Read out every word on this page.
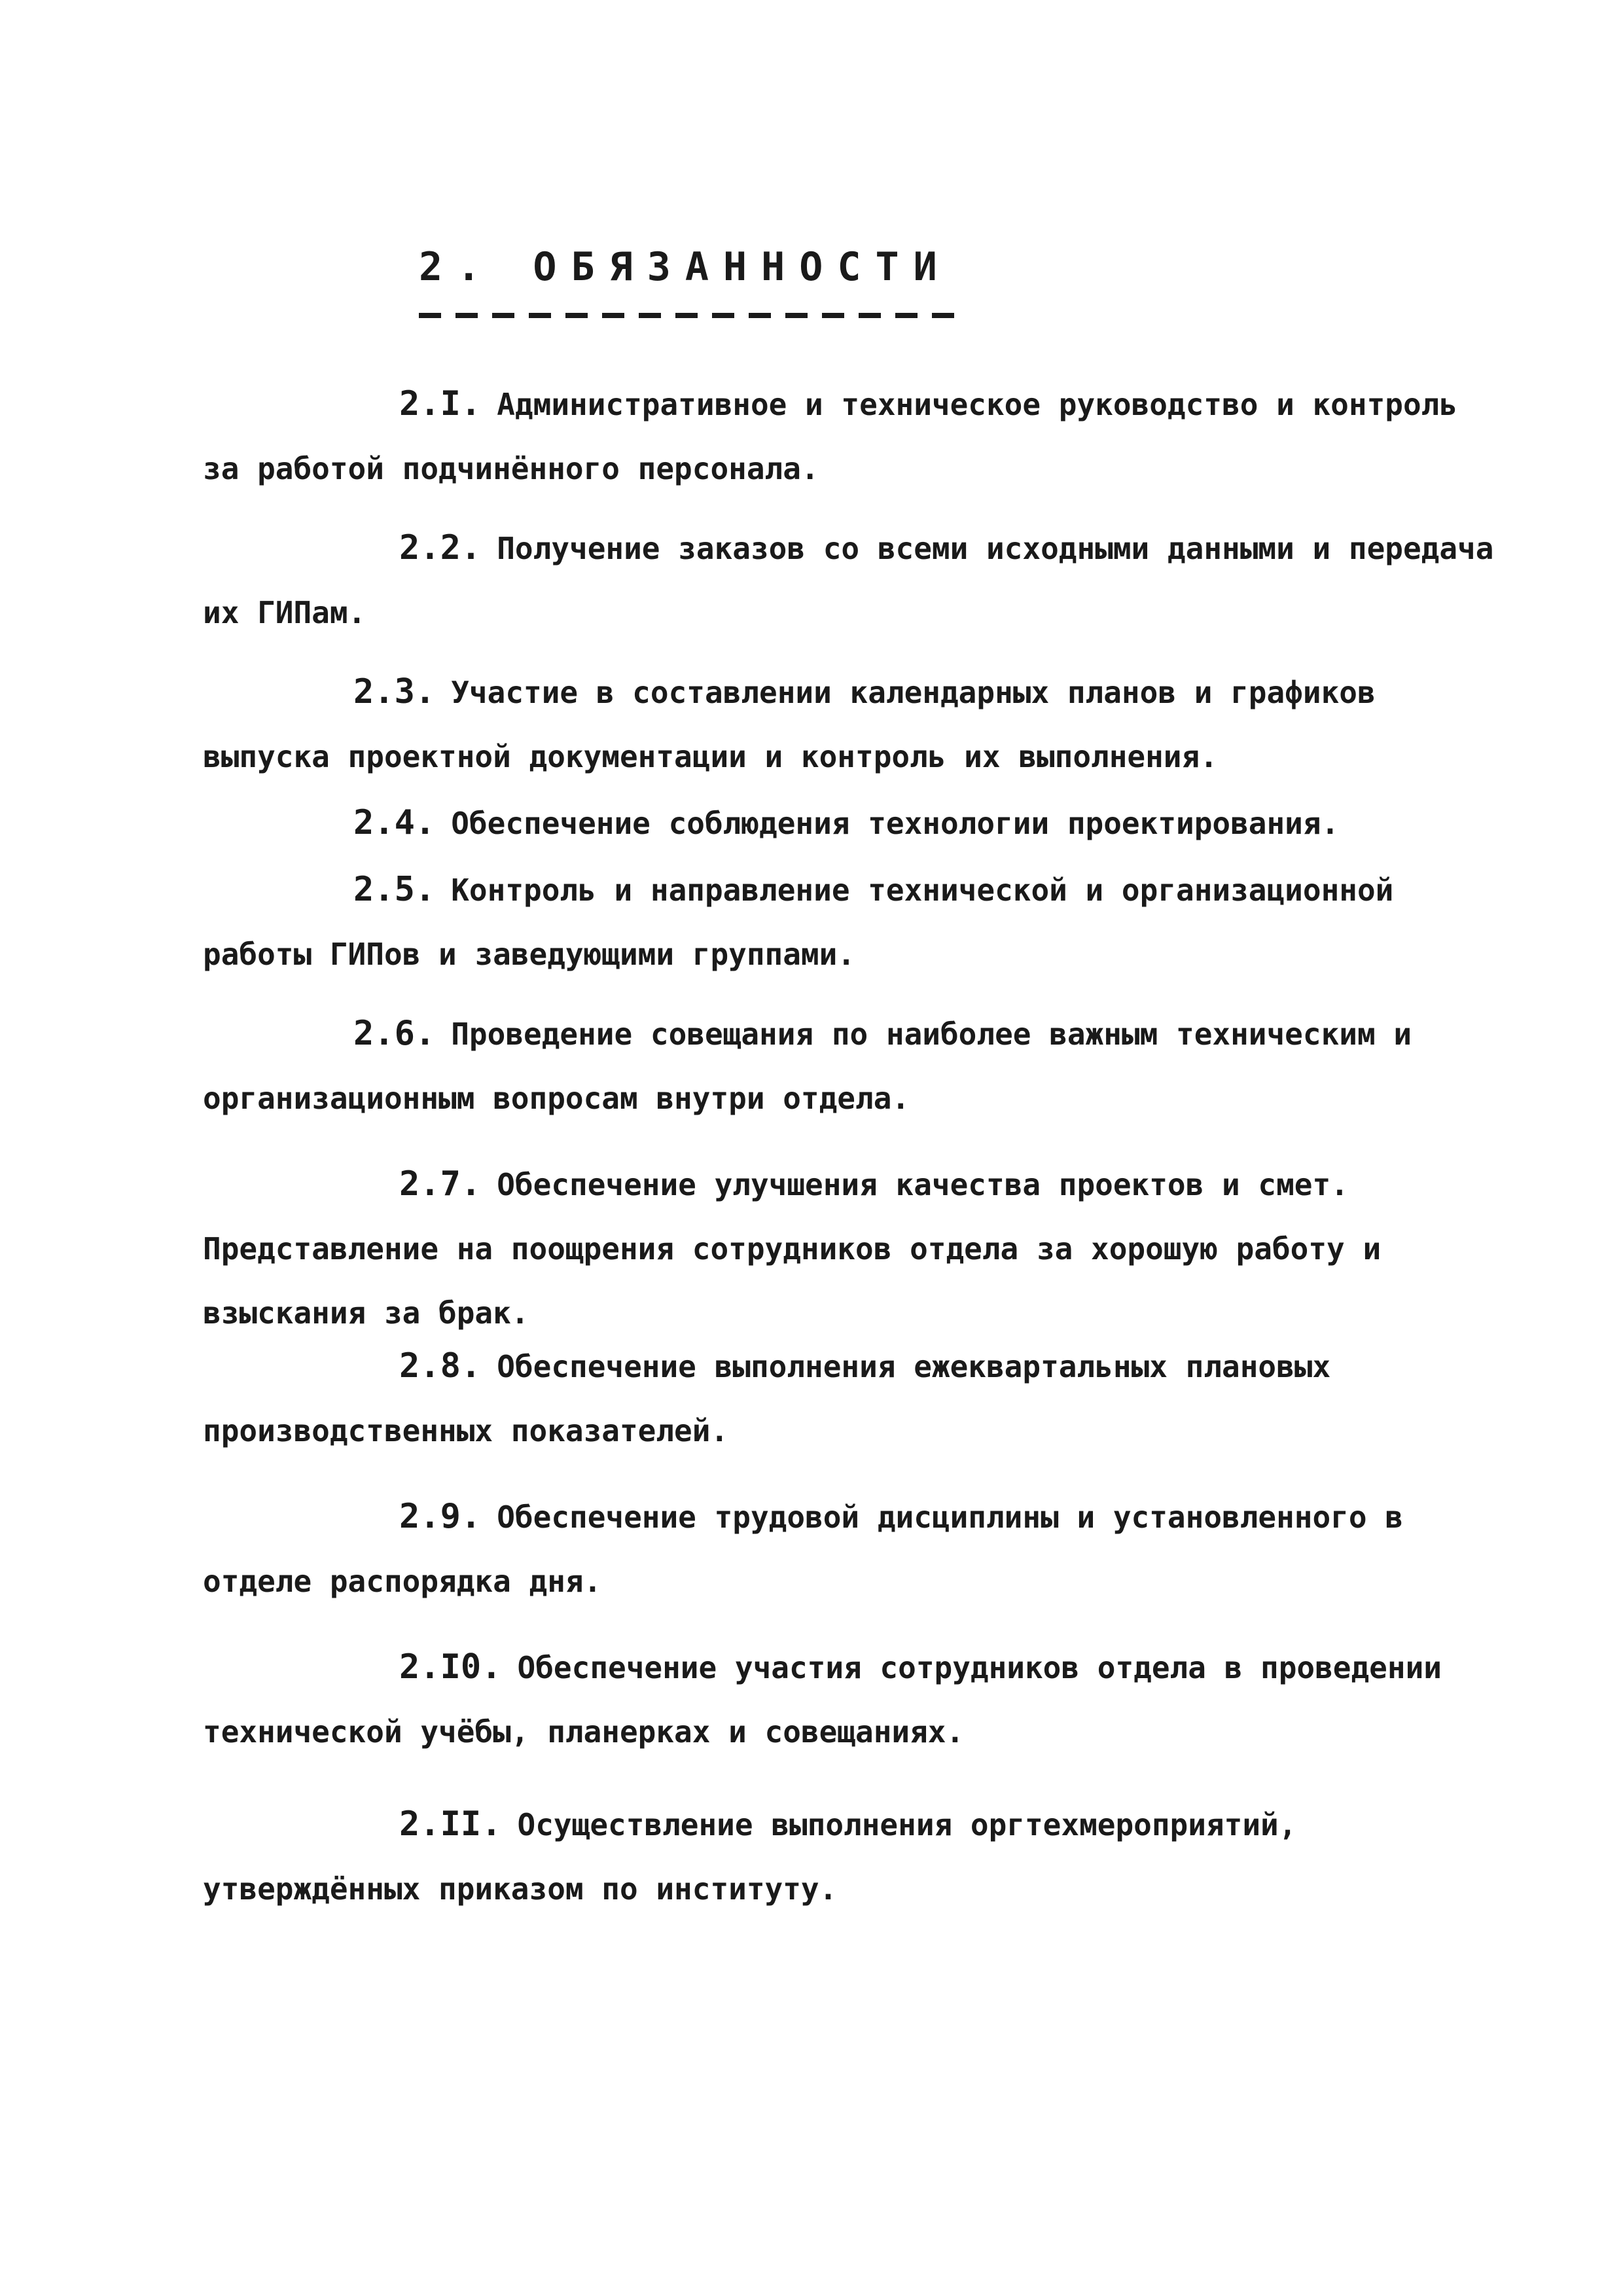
2. ОБЯЗАННОСТИ

2.I. Административное и техническое руководство и контроль за работой подчинённого персонала.

2.2. Получение заказов со всеми исходными данными и передача их ГИПам.

2.3. Участие в составлении календарных планов и графиков выпуска проектной документации и контроль их выполнения.

2.4. Обеспечение соблюдения технологии проектирования.

2.5. Контроль и направление технической и организационной работы ГИПов и заведующими группами.

2.6. Проведение совещания по наиболее важным техническим и организационным вопросам внутри отдела.

2.7. Обеспечение улучшения качества проектов и смет. Представление на поощрения сотрудников отдела за хорошую работу и взыскания за брак.

2.8. Обеспечение выполнения ежеквартальных плановых производственных показателей.

2.9. Обеспечение трудовой дисциплины и установленного в отделе распорядка дня.

2.I0. Обеспечение участия сотрудников отдела в проведении технической учёбы, планерках и совещаниях.

2.II. Осуществление выполнения оргтехмероприятий, утверждённых приказом по институту.
